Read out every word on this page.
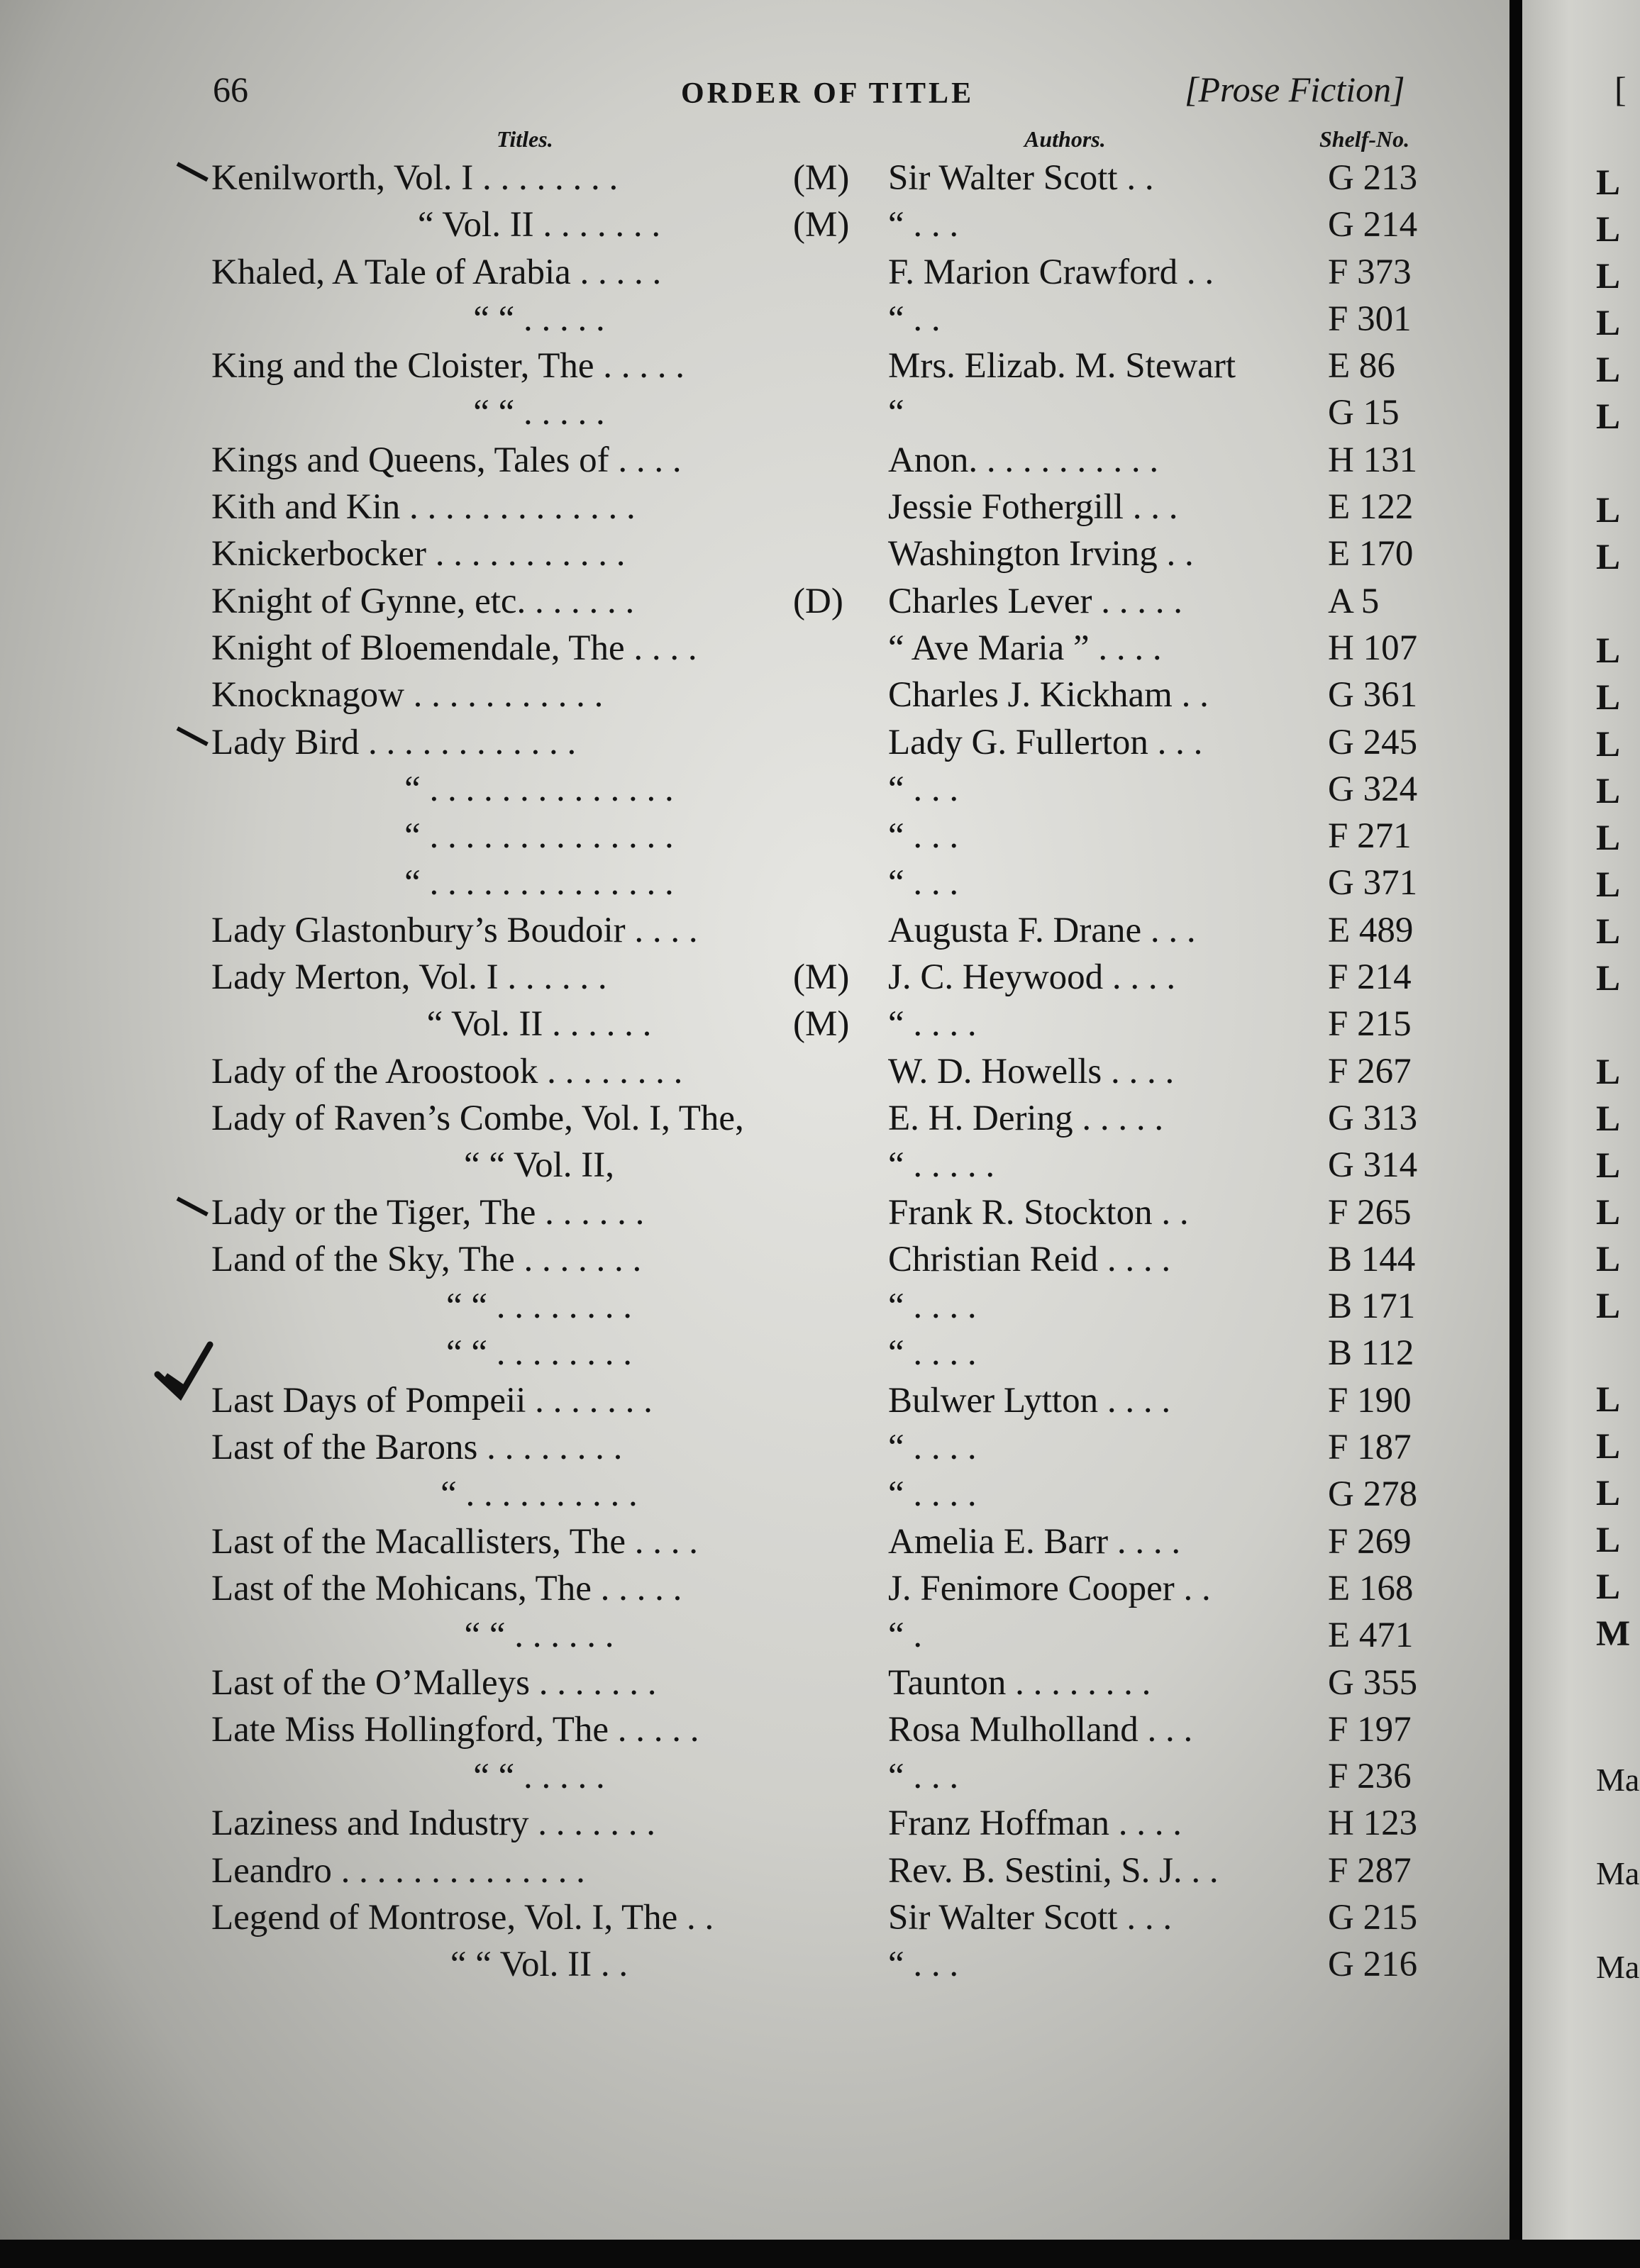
66	ORDER OF TITLE	[Prose Fiction]
Titles.	Authors.	Shelf-No.
Kenilworth, Vol. I . . . . . . . .	(M) Sir Walter Scott . .	G 213
“ Vol. II . . . . . . .	(M) “ . . .	G 214
Khaled, A Tale of Arabia . . . . .	F. Marion Crawford . .	F 373
“ “ . . . . .	“ . .	F 301
King and the Cloister, The . . . . .	Mrs. Elizab. M. Stewart	E 86
“ “ . . . . .	“	G 15
Kings and Queens, Tales of . . . .	Anon. . . . . . . . . . .	H 131
Kith and Kin . . . . . . . . . . . . .	Jessie Fothergill . . .	E 122
Knickerbocker . . . . . . . . . . .	Washington Irving . .	E 170
Knight of Gynne, etc. . . . . . .	(D) Charles Lever . . . . .	A 5
Knight of Bloemendale, The . . . .	“ Ave Maria ” . . . .	H 107
Knocknagow . . . . . . . . . . .	Charles J. Kickham . .	G 361
Lady Bird . . . . . . . . . . . .	Lady G. Fullerton . . .	G 245
“ . . . . . . . . . . . . . .	“ . . .	G 324
“ . . . . . . . . . . . . . .	“ . . .	F 271
“ . . . . . . . . . . . . . .	“ . . .	G 371
Lady Glastonbury’s Boudoir . . . .	Augusta F. Drane . . .	E 489
Lady Merton, Vol. I . . . . . .	(M) J. C. Heywood . . . .	F 214
“ Vol. II . . . . . .	(M) “ . . . .	F 215
Lady of the Aroostook . . . . . . . .	W. D. Howells . . . .	F 267
Lady of Raven’s Combe, Vol. I, The,	E. H. Dering . . . . .	G 313
“ “ Vol. II,	“ . . . . .	G 314
Lady or the Tiger, The . . . . . .	Frank R. Stockton . .	F 265
Land of the Sky, The . . . . . . .	Christian Reid . . . .	B 144
“ “ . . . . . . . .	“ . . . .	B 171
“ “ . . . . . . . .	“ . . . .	B 112
Last Days of Pompeii . . . . . . .	Bulwer Lytton . . . .	F 190
Last of the Barons . . . . . . . .	“ . . . .	F 187
“ . . . . . . . . . .	“ . . . .	G 278
Last of the Macallisters, The . . . .	Amelia E. Barr . . . .	F 269
Last of the Mohicans, The . . . . .	J. Fenimore Cooper . .	E 168
“ “ . . . . . .	“ .	E 471
Last of the O’Malleys . . . . . . .	Taunton . . . . . . . .	G 355
Late Miss Hollingford, The . . . . .	Rosa Mulholland . . .	F 197
“ “ . . . . .	“ . . .	F 236
Laziness and Industry . . . . . . .	Franz Hoffman . . . .	H 123
Leandro . . . . . . . . . . . . . .	Rev. B. Sestini, S. J. . .	F 287
Legend of Montrose, Vol. I, The . .	Sir Walter Scott . . .	G 215
“ “ Vol. II . .	“ . . .	G 216
[
L
L
L
L
L
L
L
L
L
L
L
L
L
L
L
L
L
L
L
L
L
L
L
L
L
L
L
M
Ma
Ma
Ma
